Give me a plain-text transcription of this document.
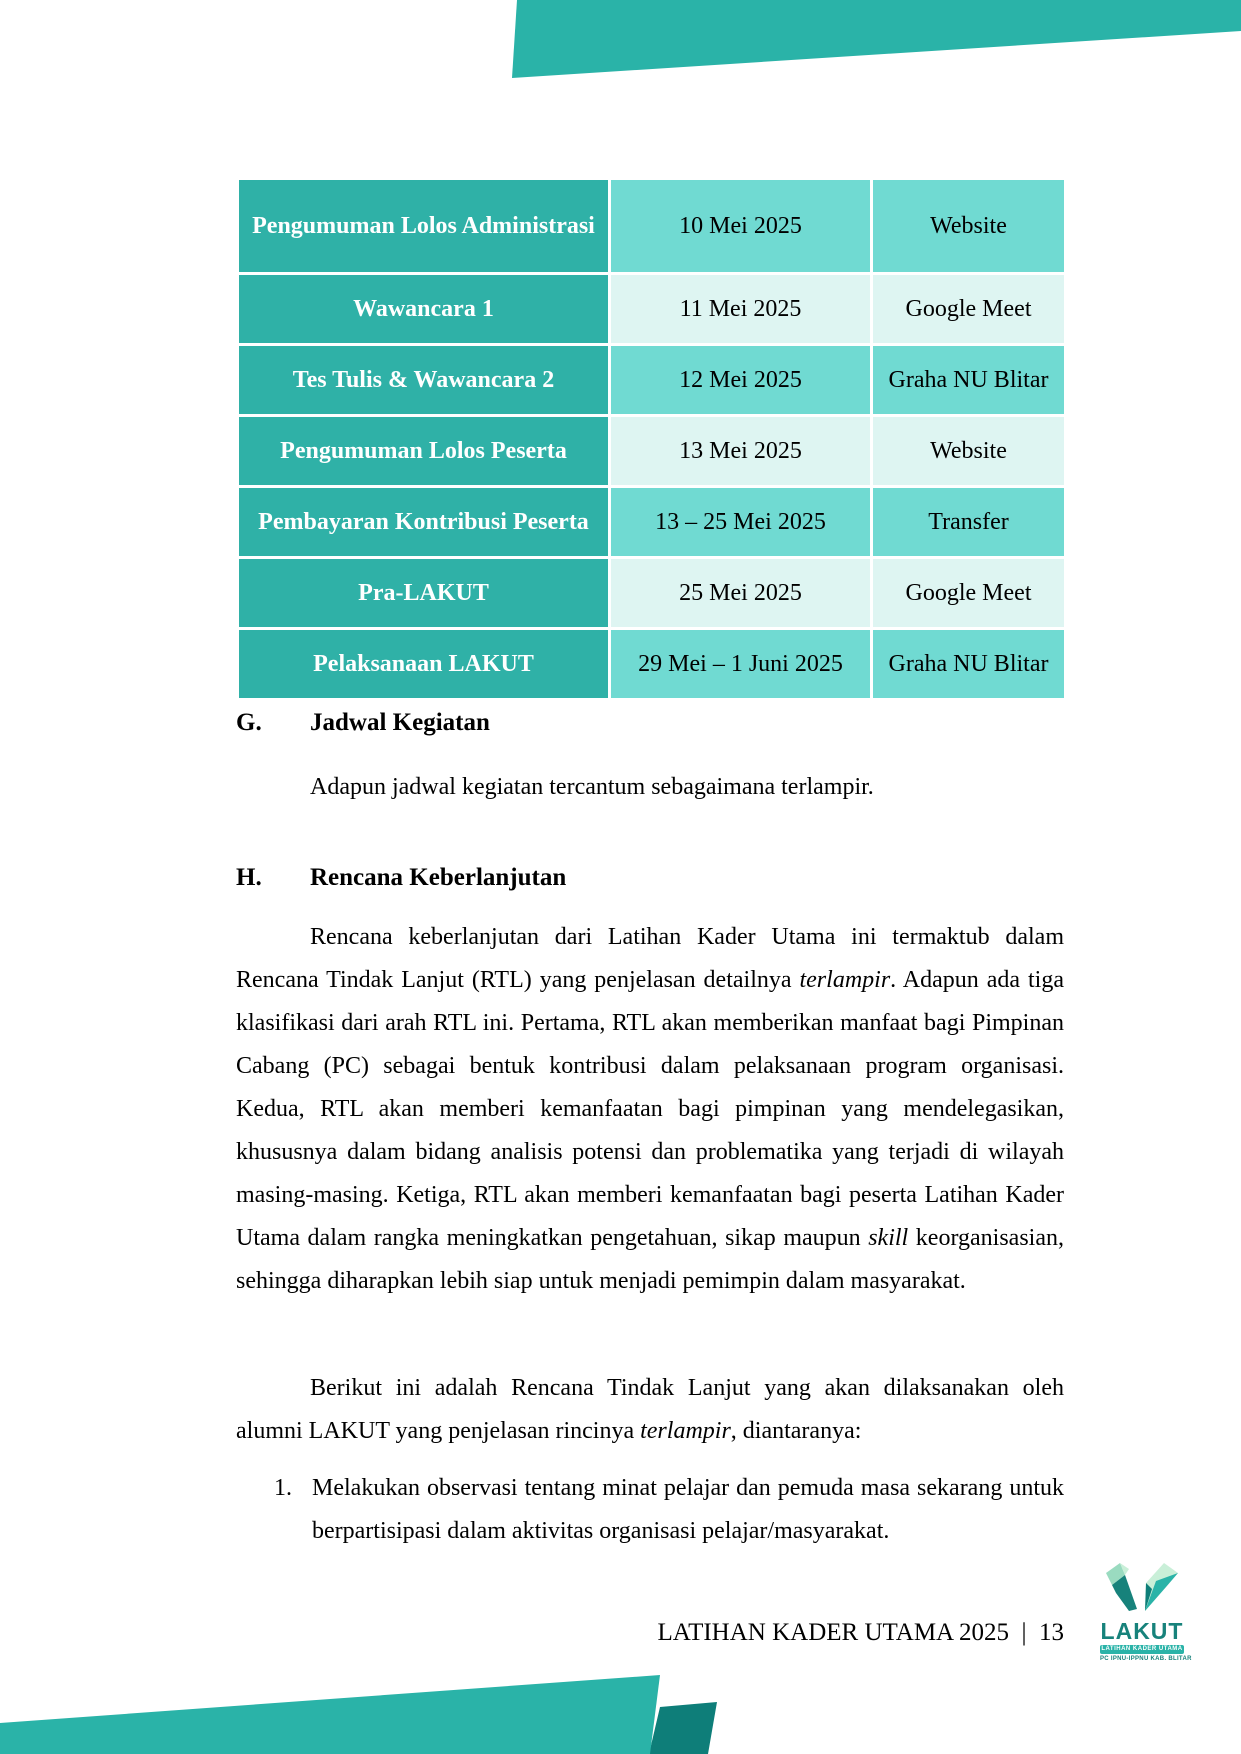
Pengumuman Lolos Administrasi	10 Mei 2025	Website
Wawancara 1	11 Mei 2025	Google Meet
Tes Tulis & Wawancara 2	12 Mei 2025	Graha NU Blitar
Pengumuman Lolos Peserta	13 Mei 2025	Website
Pembayaran Kontribusi Peserta	13 – 25 Mei 2025	Transfer
Pra-LAKUT	25 Mei 2025	Google Meet
Pelaksanaan LAKUT	29 Mei – 1 Juni 2025	Graha NU Blitar
G.	Jadwal Kegiatan
Adapun jadwal kegiatan tercantum sebagaimana terlampir.
H.	Rencana Keberlanjutan
Rencana keberlanjutan dari Latihan Kader Utama ini termaktub dalam Rencana Tindak Lanjut (RTL) yang penjelasan detailnya terlampir. Adapun ada tiga klasifikasi dari arah RTL ini. Pertama, RTL akan memberikan manfaat bagi Pimpinan Cabang (PC) sebagai bentuk kontribusi dalam pelaksanaan program organisasi. Kedua, RTL akan memberi kemanfaatan bagi pimpinan yang mendelegasikan, khususnya dalam bidang analisis potensi dan problematika yang terjadi di wilayah masing-masing. Ketiga, RTL akan memberi kemanfaatan bagi peserta Latihan Kader Utama dalam rangka meningkatkan pengetahuan, sikap maupun skill keorganisasian, sehingga diharapkan lebih siap untuk menjadi pemimpin dalam masyarakat.
Berikut ini adalah Rencana Tindak Lanjut yang akan dilaksanakan oleh alumni LAKUT yang penjelasan rincinya terlampir, diantaranya:
1. Melakukan observasi tentang minat pelajar dan pemuda masa sekarang untuk berpartisipasi dalam aktivitas organisasi pelajar/masyarakat.
LATIHAN KADER UTAMA 2025  |  13 LAKUT
LATIHAN KADER UTAMA
PC IPNU-IPPNU KAB. BLITAR
